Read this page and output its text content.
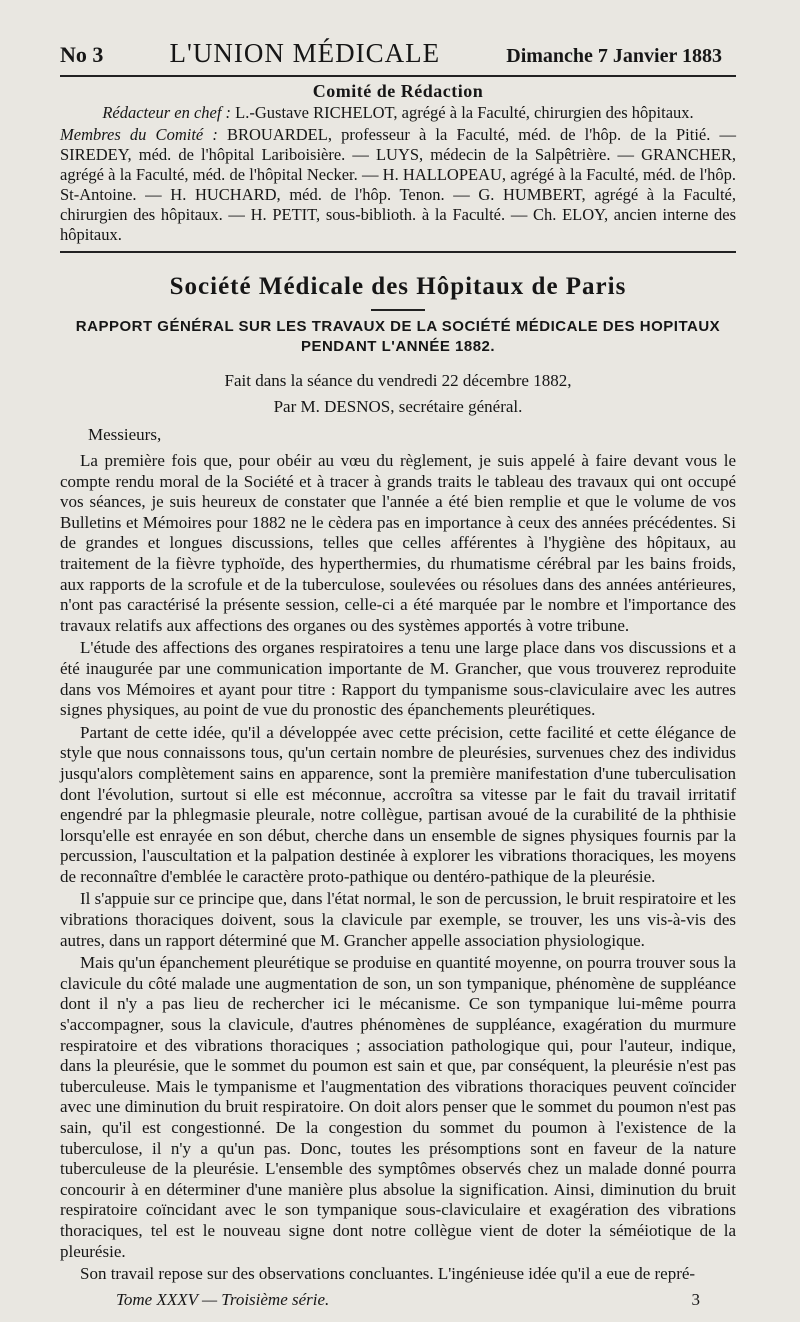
No 3 L'UNION MÉDICALE	Dimanche 7 Janvier 1883
Comité de Rédaction

Rédacteur en chef : L.-Gustave RICHELOT, agrégé à la Faculté, chirurgien des hôpitaux.

Membres du Comité : BROUARDEL, professeur à la Faculté, méd. de l'hôp. de la Pitié. — SIREDEY, méd. de l'hôpital Lariboisière. — LUYS, médecin de la Salpêtrière. — GRANCHER, agrégé à la Faculté, méd. de l'hôpital Necker. — H. HALLOPEAU, agrégé à la Faculté, méd. de l'hôp. St-Antoine. — H. HUCHARD, méd. de l'hôp. Tenon. — G. HUMBERT, agrégé à la Faculté, chirurgien des hôpitaux. — H. PETIT, sous-biblioth. à la Faculté. — Ch. ELOY, ancien interne des hôpitaux.

Société Médicale des Hôpitaux de Paris
RAPPORT GÉNÉRAL SUR LES TRAVAUX DE LA SOCIÉTÉ MÉDICALE DES HOPITAUX
PENDANT L'ANNÉE 1882.
Fait dans la séance du vendredi 22 décembre 1882,
Par M. DESNOS, secrétaire général.
Messieurs,

La première fois que, pour obéir au vœu du règlement, je suis appelé à faire devant vous le compte rendu moral de la Société et à tracer à grands traits le tableau des travaux qui ont occupé vos séances, je suis heureux de constater que l'année a été bien remplie et que le volume de vos Bulletins et Mémoires pour 1882 ne le cèdera pas en importance à ceux des années précédentes. Si de grandes et longues discussions, telles que celles afférentes à l'hygiène des hôpitaux, au traitement de la fièvre typhoïde, des hyperthermies, du rhumatisme cérébral par les bains froids, aux rapports de la scrofule et de la tuberculose, soulevées ou résolues dans des années antérieures, n'ont pas caractérisé la présente session, celle-ci a été marquée par le nombre et l'importance des travaux relatifs aux affections des organes ou des systèmes apportés à votre tribune.

L'étude des affections des organes respiratoires a tenu une large place dans vos discussions et a été inaugurée par une communication importante de M. Grancher, que vous trouverez reproduite dans vos Mémoires et ayant pour titre : Rapport du tympanisme sous-claviculaire avec les autres signes physiques, au point de vue du pronostic des épanchements pleurétiques.

Partant de cette idée, qu'il a développée avec cette précision, cette facilité et cette élégance de style que nous connaissons tous, qu'un certain nombre de pleurésies, survenues chez des individus jusqu'alors complètement sains en apparence, sont la première manifestation d'une tuberculisation dont l'évolution, surtout si elle est méconnue, accroîtra sa vitesse par le fait du travail irritatif engendré par la phlegmasie pleurale, notre collègue, partisan avoué de la curabilité de la phthisie lorsqu'elle est enrayée en son début, cherche dans un ensemble de signes physiques fournis par la percussion, l'auscultation et la palpation destinée à explorer les vibrations thoraciques, les moyens de reconnaître d'emblée le caractère proto-pathique ou dentéro-pathique de la pleurésie.

Il s'appuie sur ce principe que, dans l'état normal, le son de percussion, le bruit respiratoire et les vibrations thoraciques doivent, sous la clavicule par exemple, se trouver, les uns vis-à-vis des autres, dans un rapport déterminé que M. Grancher appelle association physiologique.

Mais qu'un épanchement pleurétique se produise en quantité moyenne, on pourra trouver sous la clavicule du côté malade une augmentation de son, un son tympanique, phénomène de suppléance dont il n'y a pas lieu de rechercher ici le mécanisme. Ce son tympanique lui-même pourra s'accompagner, sous la clavicule, d'autres phénomènes de suppléance, exagération du murmure respiratoire et des vibrations thoraciques ; association pathologique qui, pour l'auteur, indique, dans la pleurésie, que le sommet du poumon est sain et que, par conséquent, la pleurésie n'est pas tuberculeuse. Mais le tympanisme et l'augmentation des vibrations thoraciques peuvent coïncider avec une diminution du bruit respiratoire. On doit alors penser que le sommet du poumon n'est pas sain, qu'il est congestionné. De la congestion du sommet du poumon à l'existence de la tuberculose, il n'y a qu'un pas. Donc, toutes les présomptions sont en faveur de la nature tuberculeuse de la pleurésie. L'ensemble des symptômes observés chez un malade donné pourra concourir à en déterminer d'une manière plus absolue la signification. Ainsi, diminution du bruit respiratoire coïncidant avec le son tympanique sous-claviculaire et exagération des vibrations thoraciques, tel est le nouveau signe dont notre collègue vient de doter la séméiotique de la pleurésie.

Son travail repose sur des observations concluantes. L'ingénieuse idée qu'il a eue de repré-

Tome XXXV — Troisième série.	3
